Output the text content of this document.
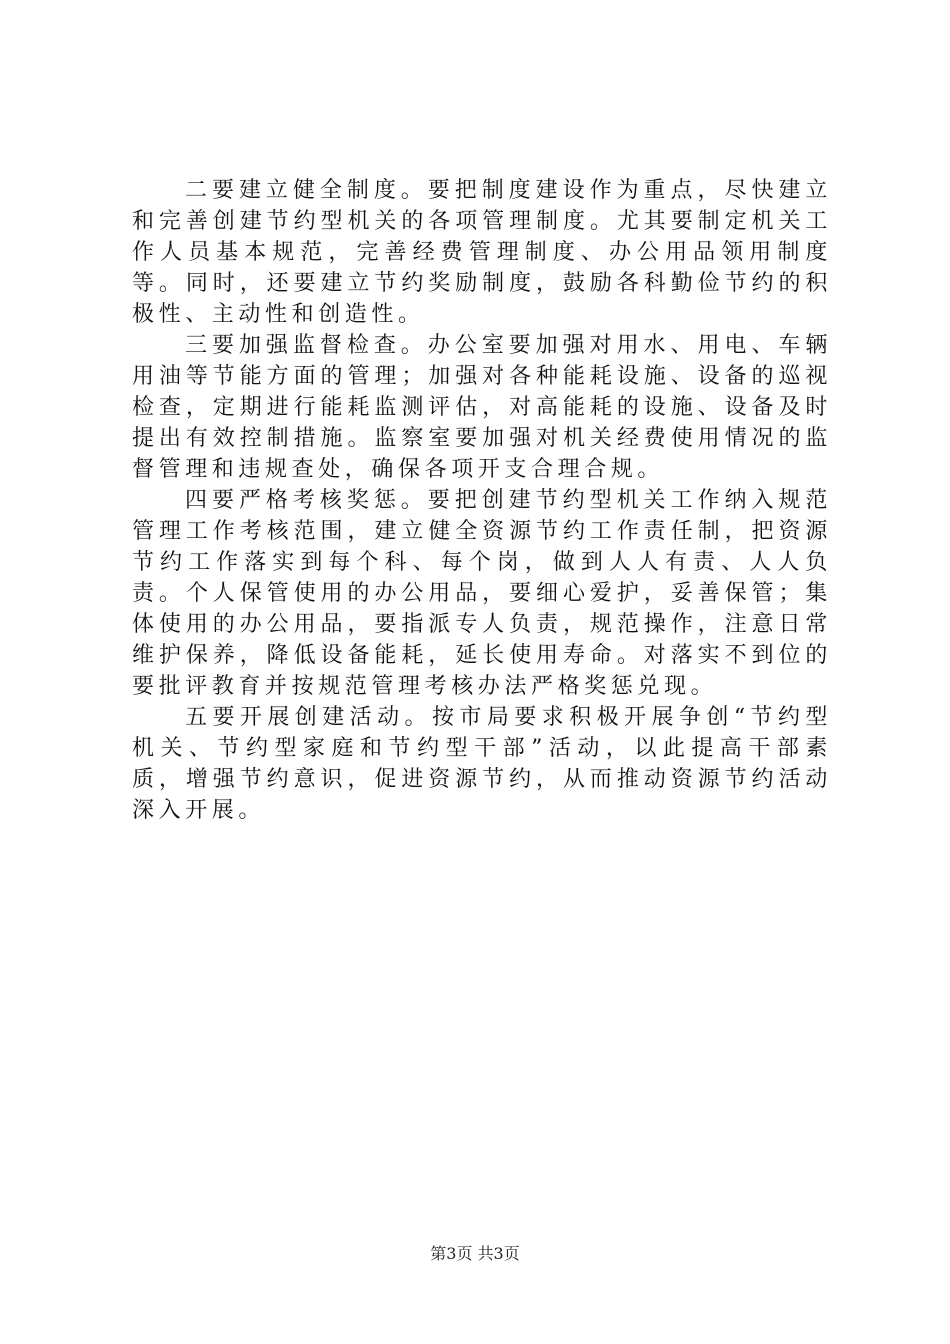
二要建立健全制度。要把制度建设作为重点，尽快建立和完善创建节约型机关的各项管理制度。尤其要制定机关工作人员基本规范，完善经费管理制度、办公用品领用制度等。同时，还要建立节约奖励制度，鼓励各科勤俭节约的积极性、主动性和创造性。

三要加强监督检查。办公室要加强对用水、用电、车辆用油等节能方面的管理；加强对各种能耗设施、设备的巡视检查，定期进行能耗监测评估，对高能耗的设施、设备及时提出有效控制措施。监察室要加强对机关经费使用情况的监督管理和违规查处，确保各项开支合理合规。

四要严格考核奖惩。要把创建节约型机关工作纳入规范管理工作考核范围，建立健全资源节约工作责任制，把资源节约工作落实到每个科、每个岗，做到人人有责、人人负责。个人保管使用的办公用品，要细心爱护，妥善保管；集体使用的办公用品，要指派专人负责，规范操作，注意日常维护保养，降低设备能耗，延长使用寿命。对落实不到位的要批评教育并按规范管理考核办法严格奖惩兑现。

五要开展创建活动。按市局要求积极开展争创“节约型机关、节约型家庭和节约型干部”活动，以此提高干部素质，增强节约意识，促进资源节约，从而推动资源节约活动深入开展。

第3页 共3页
